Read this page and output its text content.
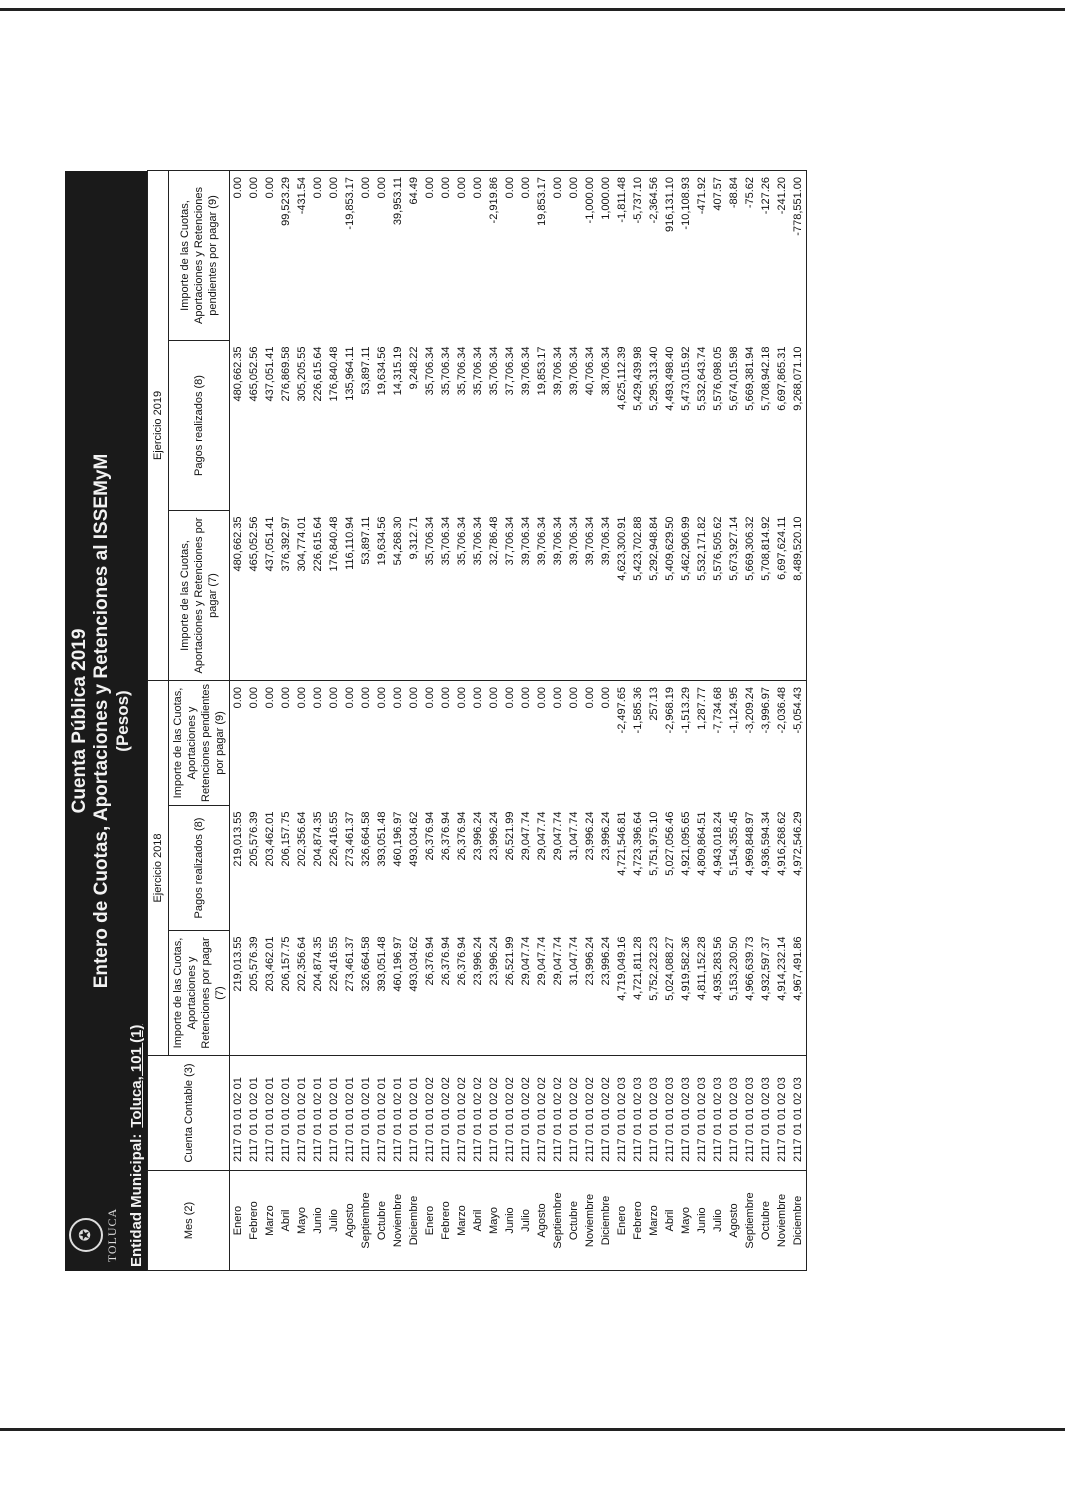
✪ TOLUCA
Cuenta Pública 2019 Entero de Cuotas, Aportaciones y Retenciones al ISSEMyM (Pesos)
Entidad Municipal:Toluca, 101 (1)
Mes (2)	Cuenta Contable (3)	Ejercicio 2018			Ejercicio 2019		
		Importe de las Cuotas, Aportaciones y Retenciones por pagar (7)	Pagos realizados (8)	Importe de las Cuotas, Aportaciones y Retenciones pendientes por pagar (9)	Importe de las Cuotas, Aportaciones y Retenciones por pagar (7)	Pagos realizados (8)	Importe de las Cuotas, Aportaciones y Retenciones pendientes por pagar (9)
Enero	2117 01 01 02 01	219,013.55	219,013.55	0.00	480,662.35	480,662.35	0.00
Febrero	2117 01 01 02 01	205,576.39	205,576.39	0.00	465,052.56	465,052.56	0.00
Marzo	2117 01 01 02 01	203,462.01	203,462.01	0.00	437,051.41	437,051.41	0.00
Abril	2117 01 01 02 01	206,157.75	206,157.75	0.00	376,392.97	276,869.58	99,523.29
Mayo	2117 01 01 02 01	202,356.64	202,356.64	0.00	304,774.01	305,205.55	-431.54
Junio	2117 01 01 02 01	204,874.35	204,874.35	0.00	226,615.64	226,615.64	0.00
Julio	2117 01 01 02 01	226,416.55	226,416.55	0.00	176,840.48	176,840.48	0.00
Agosto	2117 01 01 02 01	273,461.37	273,461.37	0.00	116,110.94	135,964.11	-19,853.17
Septiembre	2117 01 01 02 01	326,664.58	326,664.58	0.00	53,897.11	53,897.11	0.00
Octubre	2117 01 01 02 01	393,051.48	393,051.48	0.00	19,634.56	19,634.56	0.00
Noviembre	2117 01 01 02 01	460,196.97	460,196.97	0.00	54,268.30	14,315.19	39,953.11
Diciembre	2117 01 01 02 01	493,034.62	493,034.62	0.00	9,312.71	9,248.22	64.49
Enero	2117 01 01 02 02	26,376.94	26,376.94	0.00	35,706.34	35,706.34	0.00
Febrero	2117 01 01 02 02	26,376.94	26,376.94	0.00	35,706.34	35,706.34	0.00
Marzo	2117 01 01 02 02	26,376.94	26,376.94	0.00	35,706.34	35,706.34	0.00
Abril	2117 01 01 02 02	23,996.24	23,996.24	0.00	35,706.34	35,706.34	0.00
Mayo	2117 01 01 02 02	23,996.24	23,996.24	0.00	32,786.48	35,706.34	-2,919.86
Junio	2117 01 01 02 02	26,521.99	26,521.99	0.00	37,706.34	37,706.34	0.00
Julio	2117 01 01 02 02	29,047.74	29,047.74	0.00	39,706.34	39,706.34	0.00
Agosto	2117 01 01 02 02	29,047.74	29,047.74	0.00	39,706.34	19,853.17	19,853.17
Septiembre	2117 01 01 02 02	29,047.74	29,047.74	0.00	39,706.34	39,706.34	0.00
Octubre	2117 01 01 02 02	31,047.74	31,047.74	0.00	39,706.34	39,706.34	0.00
Noviembre	2117 01 01 02 02	23,996.24	23,996.24	0.00	39,706.34	40,706.34	-1,000.00
Diciembre	2117 01 01 02 02	23,996.24	23,996.24	0.00	39,706.34	38,706.34	1,000.00
Enero	2117 01 01 02 03	4,719,049.16	4,721,546.81	-2,497.65	4,623,300.91	4,625,112.39	-1,811.48
Febrero	2117 01 01 02 03	4,721,811.28	4,723,396.64	-1,585.36	5,423,702.88	5,429,439.98	-5,737.10
Marzo	2117 01 01 02 03	5,752,232.23	5,751,975.10	257.13	5,292,948.84	5,295,313.40	-2,364.56
Abril	2117 01 01 02 03	5,024,088.27	5,027,056.46	-2,968.19	5,409,629.50	4,493,498.40	916,131.10
Mayo	2117 01 01 02 03	4,919,582.36	4,921,095.65	-1,513.29	5,462,906.99	5,473,015.92	-10,108.93
Junio	2117 01 01 02 03	4,811,152.28	4,809,864.51	1,287.77	5,532,171.82	5,532,643.74	-471.92
Julio	2117 01 01 02 03	4,935,283.56	4,943,018.24	-7,734.68	5,576,505.62	5,576,098.05	407.57
Agosto	2117 01 01 02 03	5,153,230.50	5,154,355.45	-1,124.95	5,673,927.14	5,674,015.98	-88.84
Septiembre	2117 01 01 02 03	4,966,639.73	4,969,848.97	-3,209.24	5,669,306.32	5,669,381.94	-75.62
Octubre	2117 01 01 02 03	4,932,597.37	4,936,594.34	-3,996.97	5,708,814.92	5,708,942.18	-127.26
Noviembre	2117 01 01 02 03	4,914,232.14	4,916,268.62	-2,036.48	6,697,624.11	6,697,865.31	-241.20
Diciembre	2117 01 01 02 03	4,967,491.86	4,972,546.29	-5,054.43	8,489,520.10	9,268,071.10	-778,551.00
